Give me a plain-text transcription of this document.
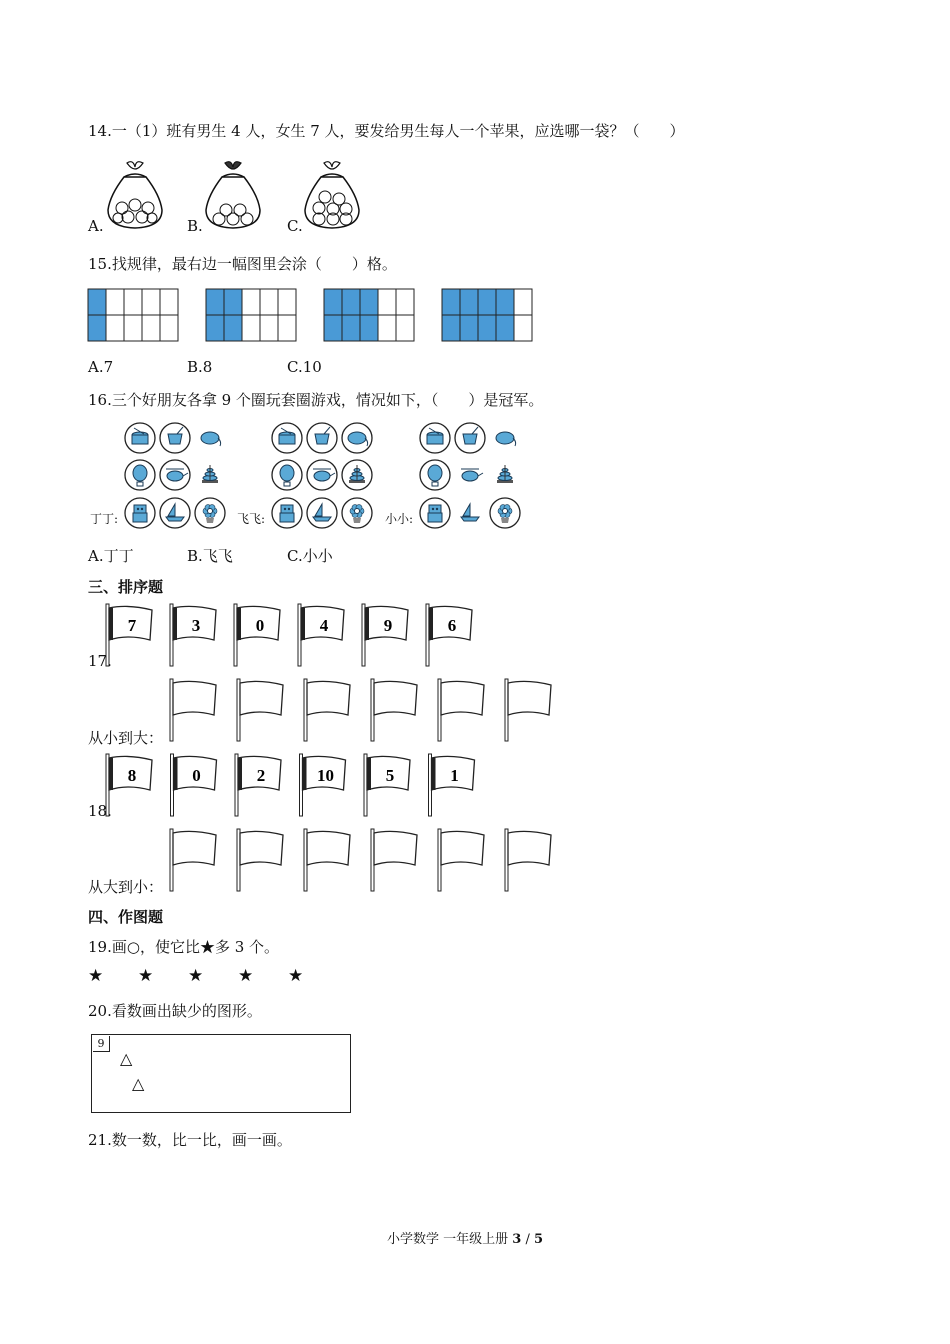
14.一（1）班有男生 4 人，女生 7 人，要发给男生每人一个苹果，应选哪一袋？（　　）
A.	B.	C.
15.找规律，最右边一幅图里会涂（　　）格。
A.7	B.8	C.10
16.三个好朋友各拿 9 个圈玩套圈游戏，情况如下，（　　）是冠军。
丁丁:	飞飞:	小小:
A.丁丁	B.飞飞	C.小小
三、排序题
17.
7	3	0	4	9	6
从小到大：
18.
8	0	2	10	5	1
从大到小：
四、作图题
19.画○，使它比★多 3 个。
★ ★ ★ ★ ★
20.看数画出缺少的图形。
9
△
△
21.数一数，比一比，画一画。
小学数学 一年级上册 3 / 5
